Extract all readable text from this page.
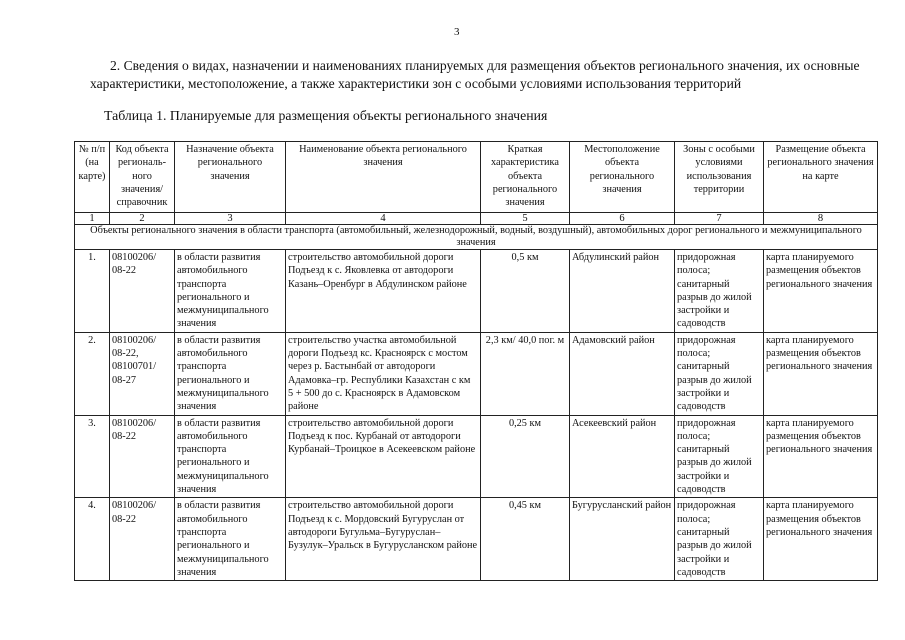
3
2. Сведения о видах, назначении и наименованиях планируемых для размещения объектов регионального значения, их основные характеристики, местоположение, а также характеристики зон с особыми условиями использования территорий
Таблица 1. Планируемые для размещения объекты регионального значения
№ п/п (на карте)	Код объекта региональ-ного значения/ справочник	Назначение объекта регионального значения	Наименование объекта регионального значения	Краткая характеристика объекта регионального значения	Местоположение объекта регионального значения	Зоны с особыми условиями использования территории	Размещение объекта регионального значения на карте
1	2	3	4	5	6	7	8
Объекты регионального значения в области транспорта (автомобильный, железнодорожный, водный, воздушный), автомобильных дорог регионального и межмуниципального значения							
1.	08100206/ 08-22	в области развития автомобильного транспорта регионального и межмуниципального значения	строительство автомобильной дороги Подъезд к с. Яковлевка от автодороги Казань–Оренбург в Абдулинском районе	0,5 км	Абдулинский район	придорожная полоса; санитарный разрыв до жилой застройки и садоводств	карта планируемого размещения объектов регионального значения
2.	08100206/ 08-22, 08100701/ 08-27	в области развития автомобильного транспорта регионального и межмуниципального значения	строительство участка автомобильной дороги Подъезд кс. Красноярск с мостом через р. Бастынбай от автодороги Адамовка–гр. Республики Казахстан с км 5 + 500 до с. Красноярск в Адамовском районе	2,3 км/ 40,0 пог. м	Адамовский район	придорожная полоса; санитарный разрыв до жилой застройки и садоводств	карта планируемого размещения объектов регионального значения
3.	08100206/ 08-22	в области развития автомобильного транспорта регионального и межмуниципального значения	строительство автомобильной дороги Подъезд к пос. Курбанай от автодороги Курбанай–Троицкое в Асекеевском районе	0,25 км	Асекеевский район	придорожная полоса; санитарный разрыв до жилой застройки и садоводств	карта планируемого размещения объектов регионального значения
4.	08100206/ 08-22	в области развития автомобильного транспорта регионального и межмуниципального значения	строительство автомобильной дороги Подъезд к с. Мордовский Бугуруслан от автодороги Бугульма–Бугуруслан–Бузулук–Уральск в Бугурусланском районе	0,45 км	Бугурусланский район	придорожная полоса; санитарный разрыв до жилой застройки и садоводств	карта планируемого размещения объектов регионального значения
